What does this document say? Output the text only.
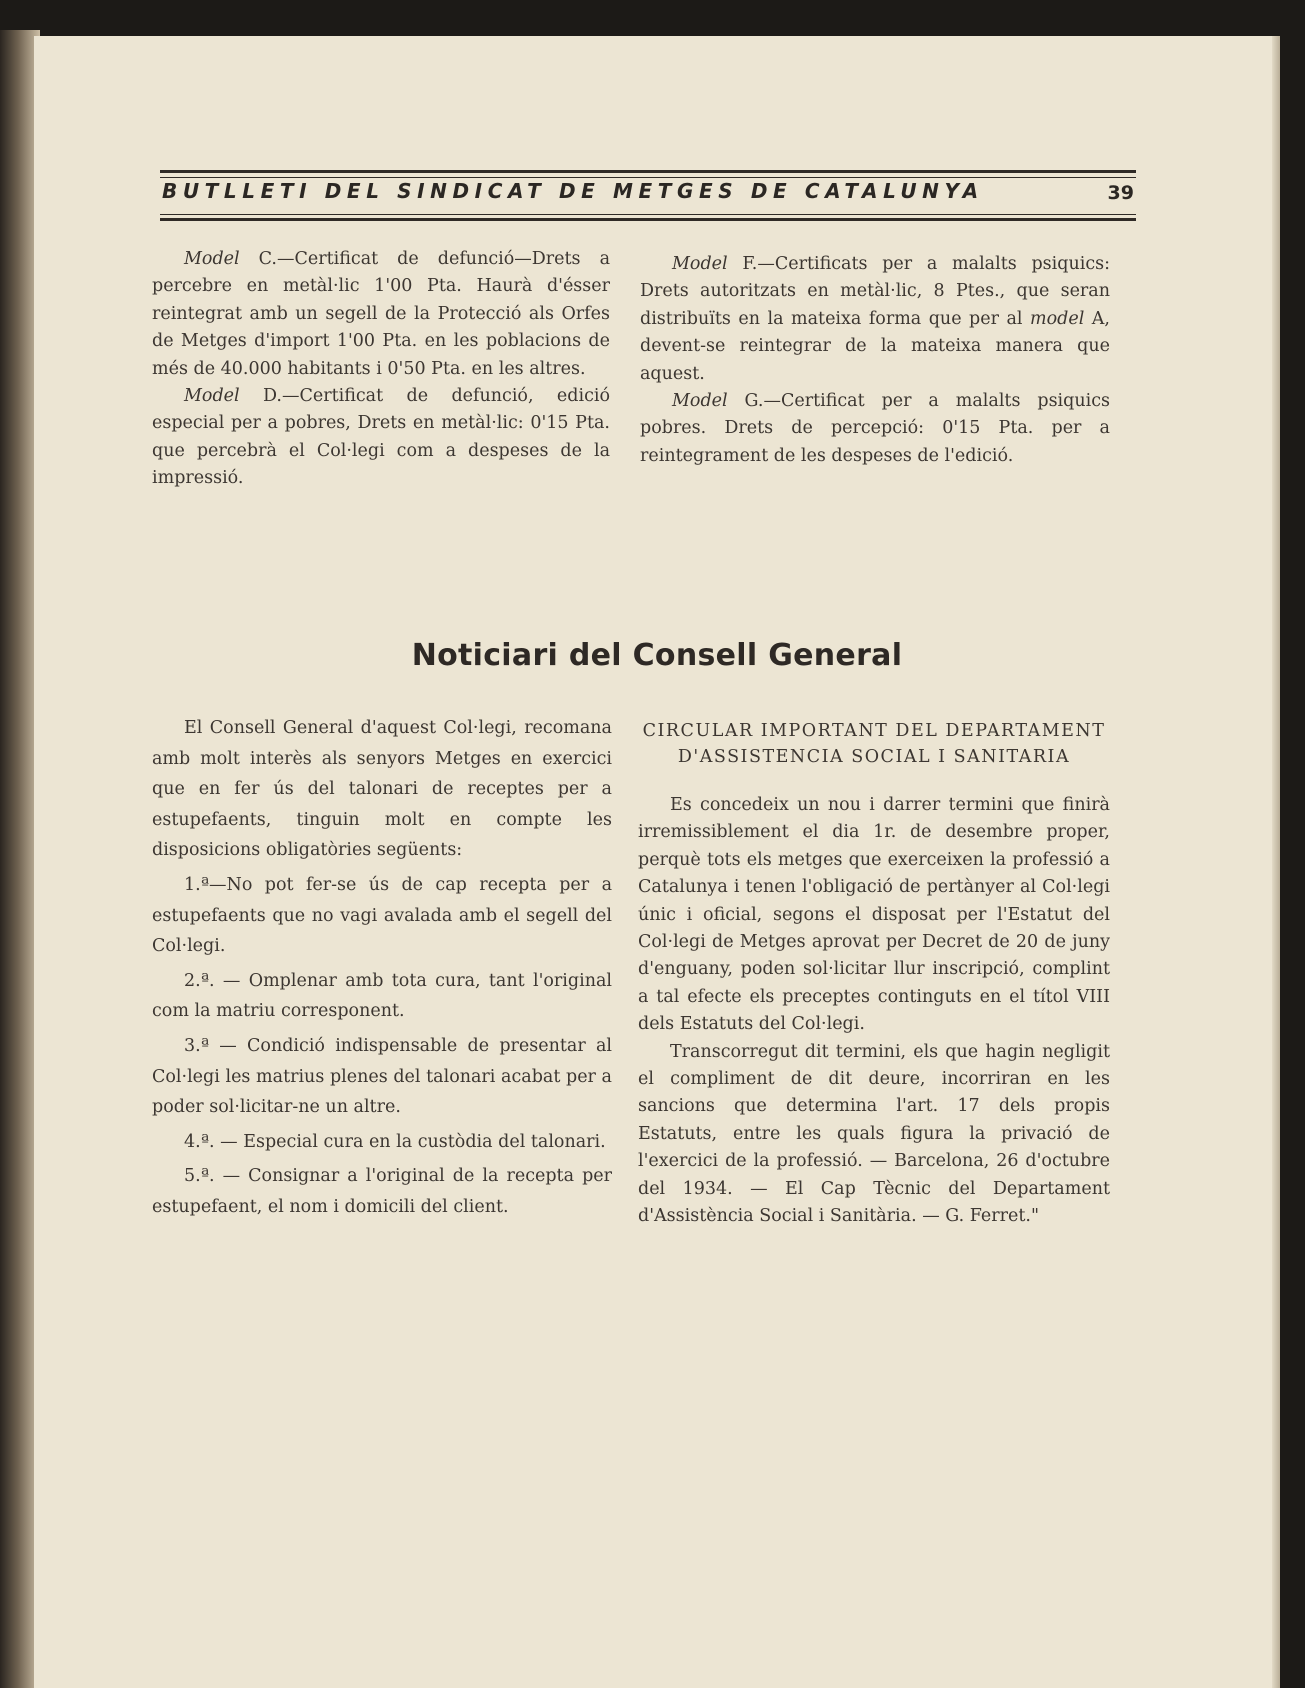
BUTLLETI DEL SINDICAT DE METGES DE CATALUNYA	39

Model C.—Certificat de defunció—Drets a percebre en metàl·lic 1'00 Pta. Haurà d'ésser reintegrat amb un segell de la Protecció als Orfes de Metges d'import 1'00 Pta. en les poblacions de més de 40.000 habitants i 0'50 Pta. en les altres.

Model D.—Certificat de defunció, edició especial per a pobres, Drets en metàl·lic: 0'15 Pta. que percebrà el Col·legi com a despeses de la impressió.

Model F.—Certificats per a malalts psiquics: Drets autoritzats en metàl·lic, 8 Ptes., que seran distribuïts en la mateixa forma que per al model A, devent-se reintegrar de la mateixa manera que aquest.

Model G.—Certificat per a malalts psiquics pobres. Drets de percepció: 0'15 Pta. per a reintegrament de les despeses de l'edició.

Noticiari del Consell General

El Consell General d'aquest Col·legi, recomana amb molt interès als senyors Metges en exercici que en fer ús del talonari de receptes per a estupefaents, tinguin molt en compte les disposicions obligatòries següents:

1.ª—No pot fer-se ús de cap recepta per a estupefaents que no vagi avalada amb el segell del Col·legi.

2.ª. — Omplenar amb tota cura, tant l'original com la matriu corresponent.

3.ª — Condició indispensable de presentar al Col·legi les matrius plenes del talonari acabat per a poder sol·licitar-ne un altre.

4.ª. — Especial cura en la custòdia del talonari.

5.ª. — Consignar a l'original de la recepta per estupefaent, el nom i domicili del client.

CIRCULAR IMPORTANT DEL DEPARTAMENT D'ASSISTENCIA SOCIAL I SANITARIA

Es concedeix un nou i darrer termini que finirà irremissiblement el dia 1r. de desembre proper, perquè tots els metges que exerceixen la professió a Catalunya i tenen l'obligació de pertànyer al Col·legi únic i oficial, segons el disposat per l'Estatut del Col·legi de Metges aprovat per Decret de 20 de juny d'enguany, poden sol·licitar llur inscripció, complint a tal efecte els preceptes continguts en el títol VIII dels Estatuts del Col·legi.

Transcorregut dit termini, els que hagin negligit el compliment de dit deure, incorriran en les sancions que determina l'art. 17 dels propis Estatuts, entre les quals figura la privació de l'exercici de la professió. — Barcelona, 26 d'octubre del 1934. — El Cap Tècnic del Departament d'Assistència Social i Sanitària. — G. Ferret."
